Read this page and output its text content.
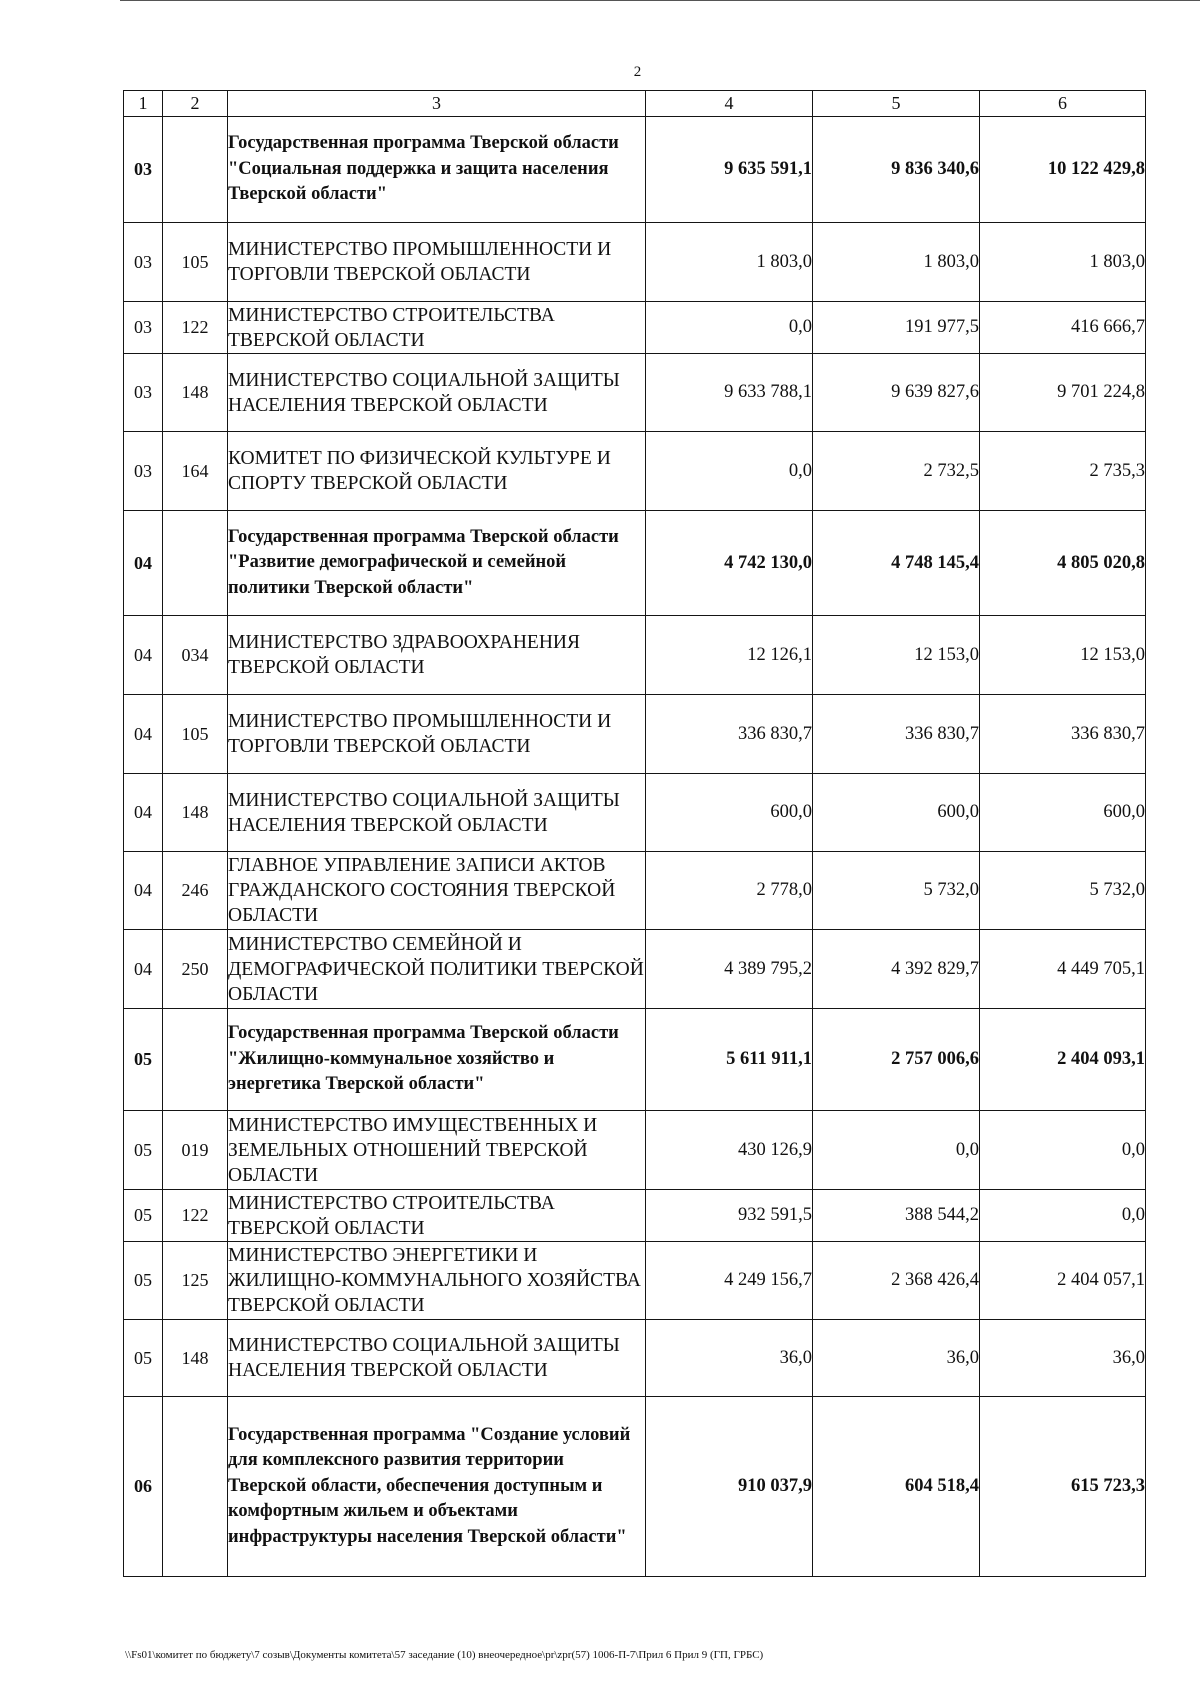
2
1	2	3	4	5	6
03		Государственная программа Тверской области "Социальная поддержка и защита населения Тверской области"	9 635 591,1	9 836 340,6	10 122 429,8
03	105	МИНИСТЕРСТВО ПРОМЫШЛЕННОСТИ И ТОРГОВЛИ ТВЕРСКОЙ ОБЛАСТИ	1 803,0	1 803,0	1 803,0
03	122	МИНИСТЕРСТВО СТРОИТЕЛЬСТВА ТВЕРСКОЙ ОБЛАСТИ	0,0	191 977,5	416 666,7
03	148	МИНИСТЕРСТВО СОЦИАЛЬНОЙ ЗАЩИТЫ НАСЕЛЕНИЯ ТВЕРСКОЙ ОБЛАСТИ	9 633 788,1	9 639 827,6	9 701 224,8
03	164	КОМИТЕТ ПО ФИЗИЧЕСКОЙ КУЛЬТУРЕ И СПОРТУ ТВЕРСКОЙ ОБЛАСТИ	0,0	2 732,5	2 735,3
04		Государственная программа Тверской области "Развитие демографической и семейной политики Тверской области"	4 742 130,0	4 748 145,4	4 805 020,8
04	034	МИНИСТЕРСТВО ЗДРАВООХРАНЕНИЯ ТВЕРСКОЙ ОБЛАСТИ	12 126,1	12 153,0	12 153,0
04	105	МИНИСТЕРСТВО ПРОМЫШЛЕННОСТИ И ТОРГОВЛИ ТВЕРСКОЙ ОБЛАСТИ	336 830,7	336 830,7	336 830,7
04	148	МИНИСТЕРСТВО СОЦИАЛЬНОЙ ЗАЩИТЫ НАСЕЛЕНИЯ ТВЕРСКОЙ ОБЛАСТИ	600,0	600,0	600,0
04	246	ГЛАВНОЕ УПРАВЛЕНИЕ ЗАПИСИ АКТОВ ГРАЖДАНСКОГО СОСТОЯНИЯ ТВЕРСКОЙ ОБЛАСТИ	2 778,0	5 732,0	5 732,0
04	250	МИНИСТЕРСТВО СЕМЕЙНОЙ И ДЕМОГРАФИЧЕСКОЙ ПОЛИТИКИ ТВЕРСКОЙ ОБЛАСТИ	4 389 795,2	4 392 829,7	4 449 705,1
05		Государственная программа Тверской области "Жилищно-коммунальное хозяйство и энергетика Тверской области"	5 611 911,1	2 757 006,6	2 404 093,1
05	019	МИНИСТЕРСТВО ИМУЩЕСТВЕННЫХ И ЗЕМЕЛЬНЫХ ОТНОШЕНИЙ ТВЕРСКОЙ ОБЛАСТИ	430 126,9	0,0	0,0
05	122	МИНИСТЕРСТВО СТРОИТЕЛЬСТВА ТВЕРСКОЙ ОБЛАСТИ	932 591,5	388 544,2	0,0
05	125	МИНИСТЕРСТВО ЭНЕРГЕТИКИ И ЖИЛИЩНО-КОММУНАЛЬНОГО ХОЗЯЙСТВА ТВЕРСКОЙ ОБЛАСТИ	4 249 156,7	2 368 426,4	2 404 057,1
05	148	МИНИСТЕРСТВО СОЦИАЛЬНОЙ ЗАЩИТЫ НАСЕЛЕНИЯ ТВЕРСКОЙ ОБЛАСТИ	36,0	36,0	36,0
06		Государственная программа "Создание условий для комплексного развития территории Тверской области, обеспечения доступным и комфортным жильем и объектами инфраструктуры населения Тверской области"	910 037,9	604 518,4	615 723,3
\\Fs01\комитет по бюджету\7 созыв\Документы комитета\57 заседание (10) внеочередное\pr\zpr(57) 1006-П-7\Прил 6 Прил 9 (ГП, ГРБС)
